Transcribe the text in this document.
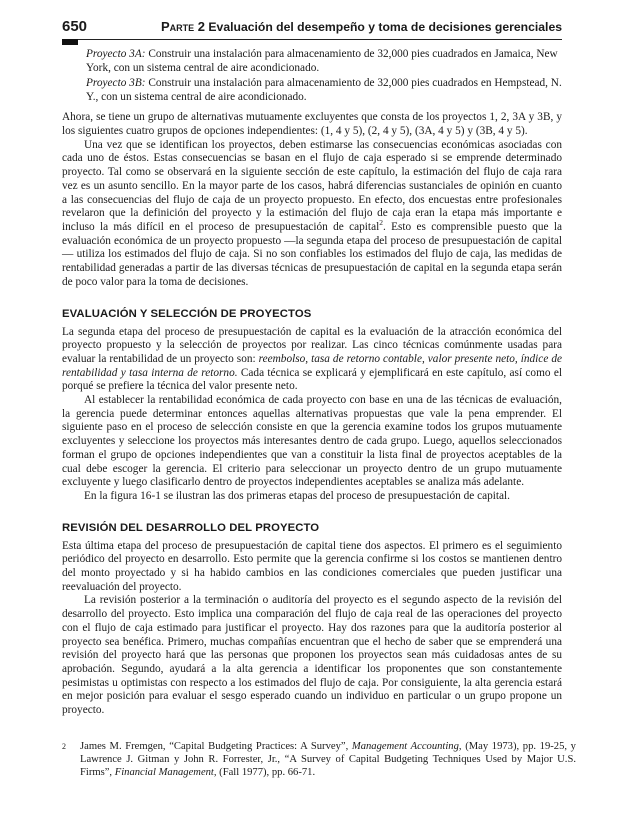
650	Parte 2 Evaluación del desempeño y toma de decisiones gerenciales
Proyecto 3A: Construir una instalación para almacenamiento de 32,000 pies cuadrados en Jamaica, New York, con un sistema central de aire acondicionado.
Proyecto 3B: Construir una instalación para almacenamiento de 32,000 pies cuadrados en Hempstead, N. Y., con un sistema central de aire acondicionado.

Ahora, se tiene un grupo de alternativas mutuamente excluyentes que consta de los proyectos 1, 2, 3A y 3B, y los siguientes cuatro grupos de opciones independientes: (1, 4 y 5), (2, 4 y 5), (3A, 4 y 5) y (3B, 4 y 5).

Una vez que se identifican los proyectos, deben estimarse las consecuencias económicas asociadas con cada uno de éstos. Estas consecuencias se basan en el flujo de caja esperado si se emprende determinado proyecto. Tal como se observará en la siguiente sección de este capítulo, la estimación del flujo de caja rara vez es un asunto sencillo. En la mayor parte de los casos, habrá diferencias sustanciales de opinión en cuanto a las consecuencias del flujo de caja de un proyecto propuesto. En efecto, dos encuestas entre profesionales revelaron que la definición del proyecto y la estimación del flujo de caja eran la etapa más importante e incluso la más difícil en el proceso de presupuestación de capital$^2$. Esto es comprensible puesto que la evaluación económica de un proyecto propuesto —la segunda etapa del proceso de presupuestación de capital— utiliza los estimados del flujo de caja. Si no son confiables los estimados del flujo de caja, las medidas de rentabilidad generadas a partir de las diversas técnicas de presupuestación de capital en la segunda etapa serán de poco valor para la toma de decisiones.

EVALUACIÓN Y SELECCIÓN DE PROYECTOS

La segunda etapa del proceso de presupuestación de capital es la evaluación de la atracción económica del proyecto propuesto y la selección de proyectos por realizar. Las cinco técnicas comúnmente usadas para evaluar la rentabilidad de un proyecto son: reembolso, tasa de retorno contable, valor presente neto, índice de rentabilidad y tasa interna de retorno. Cada técnica se explicará y ejemplificará en este capítulo, así como el porqué se prefiere la técnica del valor presente neto.

Al establecer la rentabilidad económica de cada proyecto con base en una de las técnicas de evaluación, la gerencia puede determinar entonces aquellas alternativas propuestas que vale la pena emprender. El siguiente paso en el proceso de selección consiste en que la gerencia examine todos los grupos mutuamente excluyentes y seleccione los proyectos más interesantes dentro de cada grupo. Luego, aquellos seleccionados forman el grupo de opciones independientes que van a constituir la lista final de proyectos aceptables de la cual debe escoger la gerencia. El criterio para seleccionar un proyecto dentro de un grupo mutuamente excluyente y luego clasificarlo dentro de proyectos independientes aceptables se analiza más adelante.

En la figura 16-1 se ilustran las dos primeras etapas del proceso de presupuestación de capital.

REVISIÓN DEL DESARROLLO DEL PROYECTO

Esta última etapa del proceso de presupuestación de capital tiene dos aspectos. El primero es el seguimiento periódico del proyecto en desarrollo. Esto permite que la gerencia confirme si los costos se mantienen dentro del monto proyectado y si ha habido cambios en las condiciones comerciales que pueden justificar una reevaluación del proyecto.

La revisión posterior a la terminación o auditoría del proyecto es el segundo aspecto de la revisión del desarrollo del proyecto. Esto implica una comparación del flujo de caja real de las operaciones del proyecto con el flujo de caja estimado para justificar el proyecto. Hay dos razones para que la auditoría posterior al proyecto sea benéfica. Primero, muchas compañías encuentran que el hecho de saber que se emprenderá una revisión del proyecto hará que las personas que proponen los proyectos sean más cuidadosas antes de su aprobación. Segundo, ayudará a la alta gerencia a identificar los proponentes que son constantemente pesimistas u optimistas con respecto a los estimados del flujo de caja. Por consiguiente, la alta gerencia estará en mejor posición para evaluar el sesgo esperado cuando un individuo en particular o un grupo propone un proyecto.

2 James M. Fremgen, “Capital Budgeting Practices: A Survey”, Management Accounting, (May 1973), pp. 19-25, y Lawrence J. Gitman y John R. Forrester, Jr., “A Survey of Capital Budgeting Techniques Used by Major U.S. Firms”, Financial Management, (Fall 1977), pp. 66-71.
